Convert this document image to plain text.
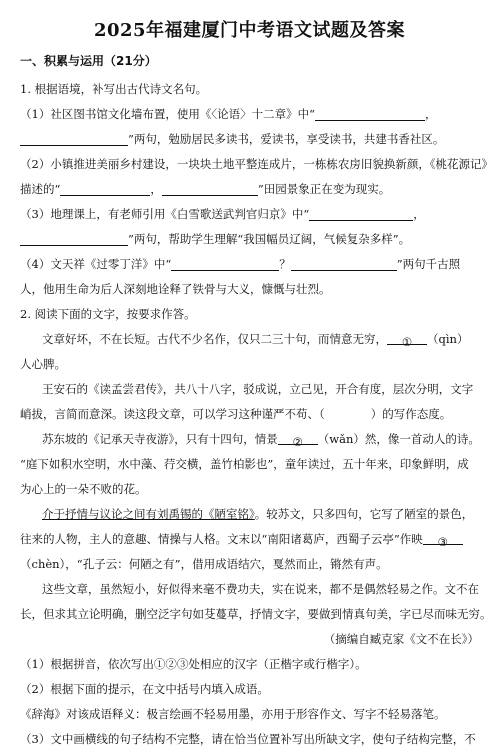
2025年福建厦门中考语文试题及答案
一、积累与运用（21分）
1. 根据语境，补写出古代诗文名句。
（1）社区图书馆文化墙布置，使用《〈论语〉十二章》中“	，
”两句，勉励居民多读书，爱读书，享受读书，共建书香社区。
（2）小镇推进美丽乡村建设，一块块土地平整连成片，一栋栋农房旧貌换新颜，《桃花源记》
描述的“	，	”田园景象正在变为现实。
（3）地理课上，有老师引用《白雪歌送武判官归京》中“	，
”两句，帮助学生理解“我国幅员辽阔，气候复杂多样”。
（4）文天祥《过零丁洋》中“	？	”两句千古照
人，他用生命为后人深刻地诠释了铁骨与大义，慷慨与壮烈。
2. 阅读下面的文字，按要求作答。
文章好坏，不在长短。古代不少名作，仅只二三十句，而情意无穷， ① （qìn）
人心脾。
王安石的《读孟尝君传》，共八十八字，驳成说，立己见，开合有度，层次分明，文字
峭拔，言简而意深。读这段文章，可以学习这种谨严不苟、（　　　　）的写作态度。
苏东坡的《记承天寺夜游》，只有十四句，情景 ② （wǎn）然，像一首动人的诗。
“庭下如积水空明，水中藻、荇交横，盖竹柏影也”，童年读过，五十年来，印象鲜明，成
为心上的一朵不败的花。
介于抒情与议论之间有刘禹锡的《陋室铭》。较苏文，只多四句，它写了陋室的景色，
往来的人物，主人的意趣、情操与人格。文末以“南阳诸葛庐，西蜀子云亭”作映 ③
（chèn），“孔子云：何陋之有”，借用成语结穴，戛然而止，锵然有声。
这些文章，虽然短小，好似得来毫不费功夫，实在说来，都不是偶然轻易之作。文不在
长，但求其立论明确，删空泛字句如芟蔓草，抒情文字，要做到情真句美，字已尽而味无穷。
（摘编自臧克家《文不在长》）
（1）根据拼音，依次写出①②③处相应的汉字（正楷字或行楷字）。
（2）根据下面的提示，在文中括号内填入成语。
《辞海》对该成语释义：极言绘画不轻易用墨，亦用于形容作文、写字不轻易落笔。
（3）文中画横线的句子结构不完整，请在恰当位置补写出所缺文字，使句子结构完整，不
